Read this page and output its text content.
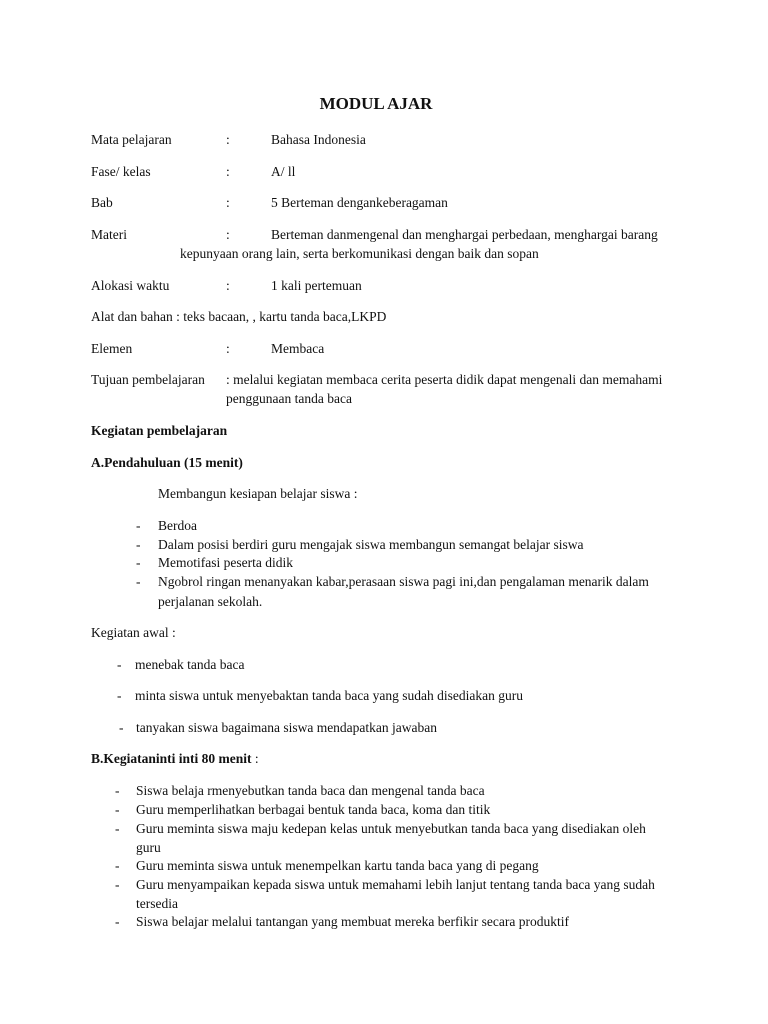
MODUL AJAR
Mata pelajaran	:	Bahasa Indonesia
Fase/ kelas	:	A/ ll
Bab	:	5 Berteman dengankeberagaman
Materi	:	Berteman danmengenal dan menghargai perbedaan, menghargai barang
kepunyaan orang lain, serta berkomunikasi dengan baik dan sopan
Alokasi waktu	:	1 kali pertemuan
Alat dan bahan : teks bacaan, , kartu tanda baca,LKPD
Elemen	:	Membaca
Tujuan pembelajaran : melalui kegiatan membaca cerita peserta didik dapat mengenali dan memahami
penggunaan tanda baca
Kegiatan pembelajaran
A.Pendahuluan (15 menit)
Membangun kesiapan belajar siswa :
- Berdoa
- Dalam posisi berdiri guru mengajak siswa membangun semangat belajar siswa
- Memotifasi peserta didik
- Ngobrol ringan menanyakan kabar,perasaan siswa pagi ini,dan pengalaman menarik dalam
perjalanan sekolah.
Kegiatan awal :
- menebak tanda baca
- minta siswa untuk menyebaktan tanda baca yang sudah disediakan guru
- tanyakan siswa bagaimana siswa mendapatkan jawaban
B.Kegiataninti inti 80 menit :
- Siswa belaja rmenyebutkan tanda baca dan mengenal tanda baca
- Guru memperlihatkan berbagai bentuk tanda baca, koma dan titik
- Guru meminta siswa maju kedepan kelas untuk menyebutkan tanda baca yang disediakan oleh
guru
- Guru meminta siswa untuk menempelkan kartu tanda baca yang di pegang
- Guru menyampaikan kepada siswa untuk memahami lebih lanjut tentang tanda baca yang sudah
tersedia
- Siswa belajar melalui tantangan yang membuat mereka berfikir secara produktif
